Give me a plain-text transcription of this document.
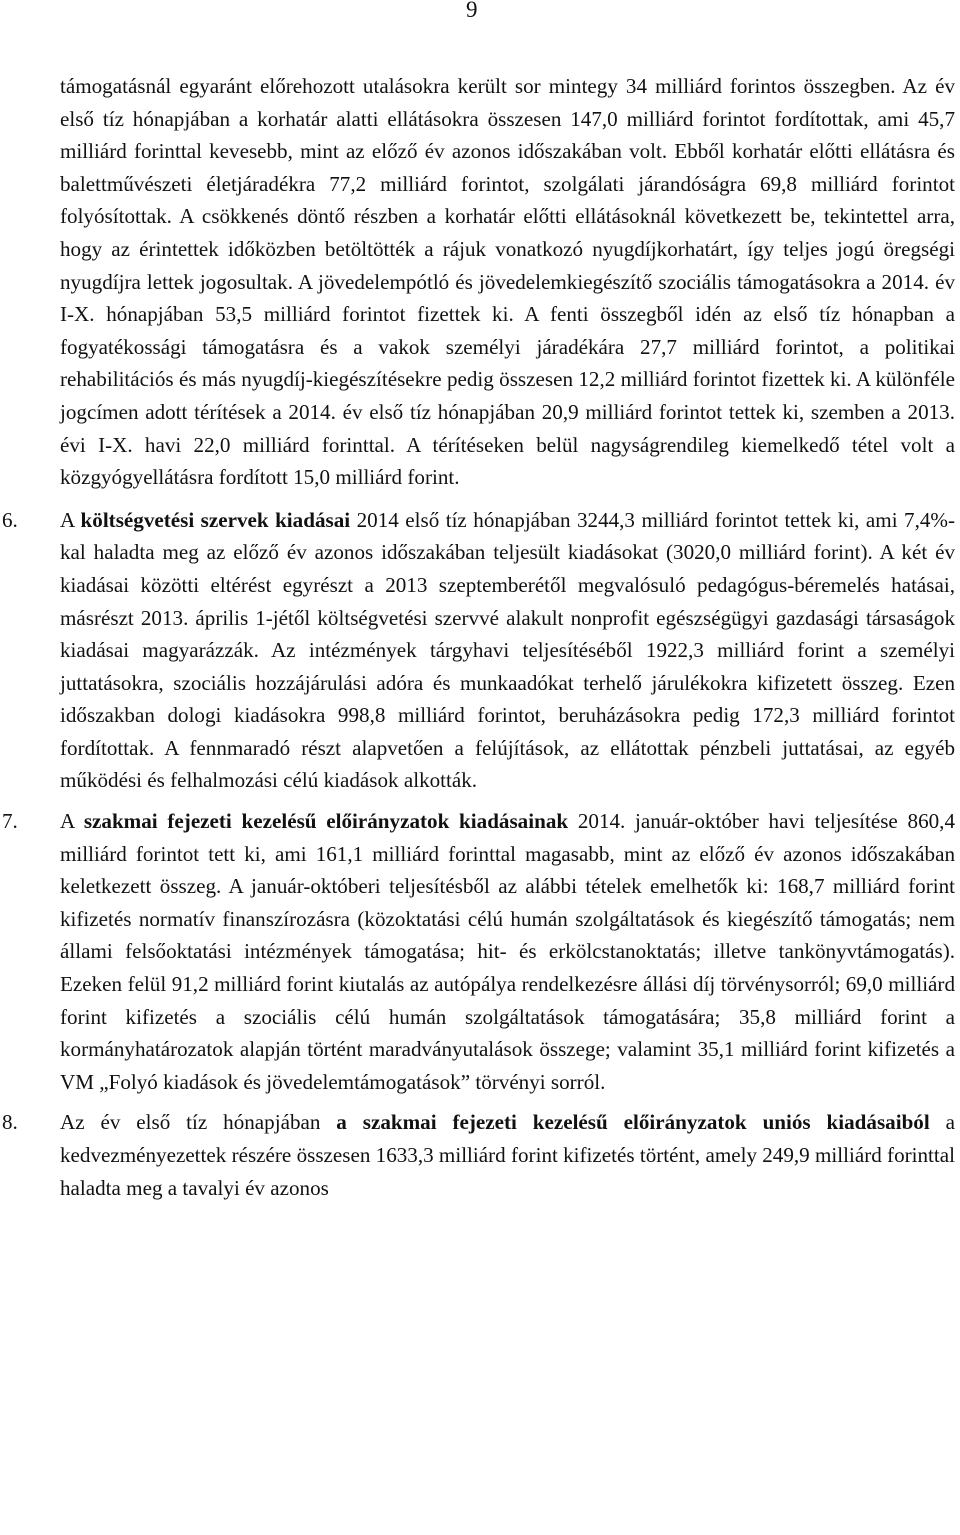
9

támogatásnál egyaránt előrehozott utalásokra került sor mintegy 34 milliárd forintos összegben. Az év első tíz hónapjában a korhatár alatti ellátásokra összesen 147,0 milliárd forintot fordítottak, ami 45,7 milliárd forinttal kevesebb, mint az előző év azonos időszakában volt. Ebből korhatár előtti ellátásra és balettművészeti életjáradékra 77,2 milliárd forintot, szolgálati járandóságra 69,8 milliárd forintot folyósítottak. A csökkenés döntő részben a korhatár előtti ellátásoknál következett be, tekintettel arra, hogy az érintettek időközben betöltötték a rájuk vonatkozó nyugdíjkorhatárt, így teljes jogú öregségi nyugdíjra lettek jogosultak. A jövedelempótló és jövedelemkiegészítő szociális támogatásokra a 2014. év I-X. hónapjában 53,5 milliárd forintot fizettek ki. A fenti összegből idén az első tíz hónapban a fogyatékossági támogatásra és a vakok személyi járadékára 27,7 milliárd forintot, a politikai rehabilitációs és más nyugdíj-kiegészítésekre pedig összesen 12,2 milliárd forintot fizettek ki. A különféle jogcímen adott térítések a 2014. év első tíz hónapjában 20,9 milliárd forintot tettek ki, szemben a 2013. évi I-X. havi 22,0 milliárd forinttal. A térítéseken belül nagyságrendileg kiemelkedő tétel volt a közgyógyellátásra fordított 15,0 milliárd forint.

6.	A költségvetési szervek kiadásai 2014 első tíz hónapjában 3244,3 milliárd forintot tettek ki, ami 7,4%-kal haladta meg az előző év azonos időszakában teljesült kiadásokat (3020,0 milliárd forint). A két év kiadásai közötti eltérést egyrészt a 2013 szeptemberétől megvalósuló pedagógus-béremelés hatásai, másrészt 2013. április 1-jétől költségvetési szervvé alakult nonprofit egészségügyi gazdasági társaságok kiadásai magyarázzák. Az intézmények tárgyhavi teljesítéséből 1922,3 milliárd forint a személyi juttatásokra, szociális hozzájárulási adóra és munkaadókat terhelő járulékokra kifizetett összeg. Ezen időszakban dologi kiadásokra 998,8 milliárd forintot, beruházásokra pedig 172,3 milliárd forintot fordítottak. A fennmaradó részt alapvetően a felújítások, az ellátottak pénzbeli juttatásai, az egyéb működési és felhalmozási célú kiadások alkották.
7.	A szakmai fejezeti kezelésű előirányzatok kiadásainak 2014. január-október havi teljesítése 860,4 milliárd forintot tett ki, ami 161,1 milliárd forinttal magasabb, mint az előző év azonos időszakában keletkezett összeg. A január-októberi teljesítésből az alábbi tételek emelhetők ki: 168,7 milliárd forint kifizetés normatív finanszírozásra (közoktatási célú humán szolgáltatások és kiegészítő támogatás; nem állami felsőoktatási intézmények támogatása; hit- és erkölcstanoktatás; illetve tankönyvtámogatás). Ezeken felül 91,2 milliárd forint kiutalás az autópálya rendelkezésre állási díj törvénysorról; 69,0 milliárd forint kifizetés a szociális célú humán szolgáltatások támogatására; 35,8 milliárd forint a kormányhatározatok alapján történt maradványutalások összege; valamint 35,1 milliárd forint kifizetés a VM „Folyó kiadások és jövedelemtámogatások” törvényi sorról.
8.	Az év első tíz hónapjában a szakmai fejezeti kezelésű előirányzatok uniós kiadásaiból a kedvezményezettek részére összesen 1633,3 milliárd forint kifizetés történt, amely 249,9 milliárd forinttal haladta meg a tavalyi év azonos
